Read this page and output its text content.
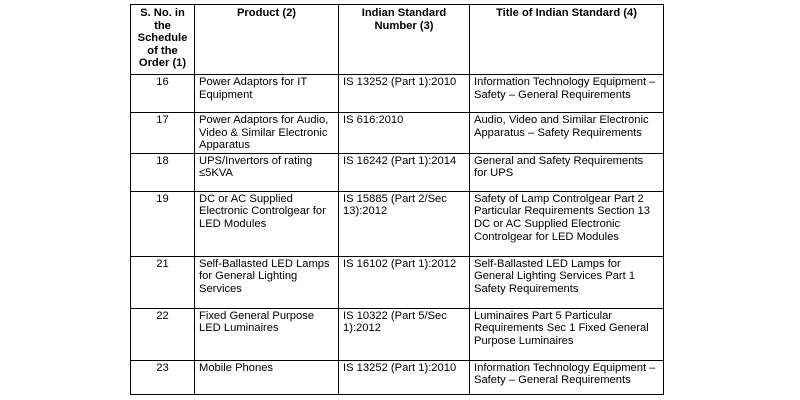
S. No. in the Schedule of the Order (1)	Product (2)	Indian Standard Number (3)	Title of Indian Standard (4)
16	Power Adaptors for IT Equipment	IS 13252 (Part 1):2010	Information Technology Equipment – Safety – General Requirements
17	Power Adaptors for Audio, Video & Similar Electronic Apparatus	IS 616:2010	Audio, Video and Similar Electronic Apparatus – Safety Requirements
18	UPS/Invertors of rating ≤5KVA	IS 16242 (Part 1):2014	General and Safety Requirements for UPS
19	DC or AC Supplied Electronic Controlgear for LED Modules	IS 15885 (Part 2/Sec 13):2012	Safety of Lamp Controlgear Part 2 Particular Requirements Section 13 DC or AC Supplied Electronic Controlgear for LED Modules
21	Self-Ballasted LED Lamps for General Lighting Services	IS 16102 (Part 1):2012	Self-Ballasted LED Lamps for General Lighting Services Part 1 Safety Requirements
22	Fixed General Purpose LED Luminaires	IS 10322 (Part 5/Sec 1):2012	Luminaires Part 5 Particular Requirements Sec 1 Fixed General Purpose Luminaires
23	Mobile Phones	IS 13252 (Part 1):2010	Information Technology Equipment – Safety – General Requirements
